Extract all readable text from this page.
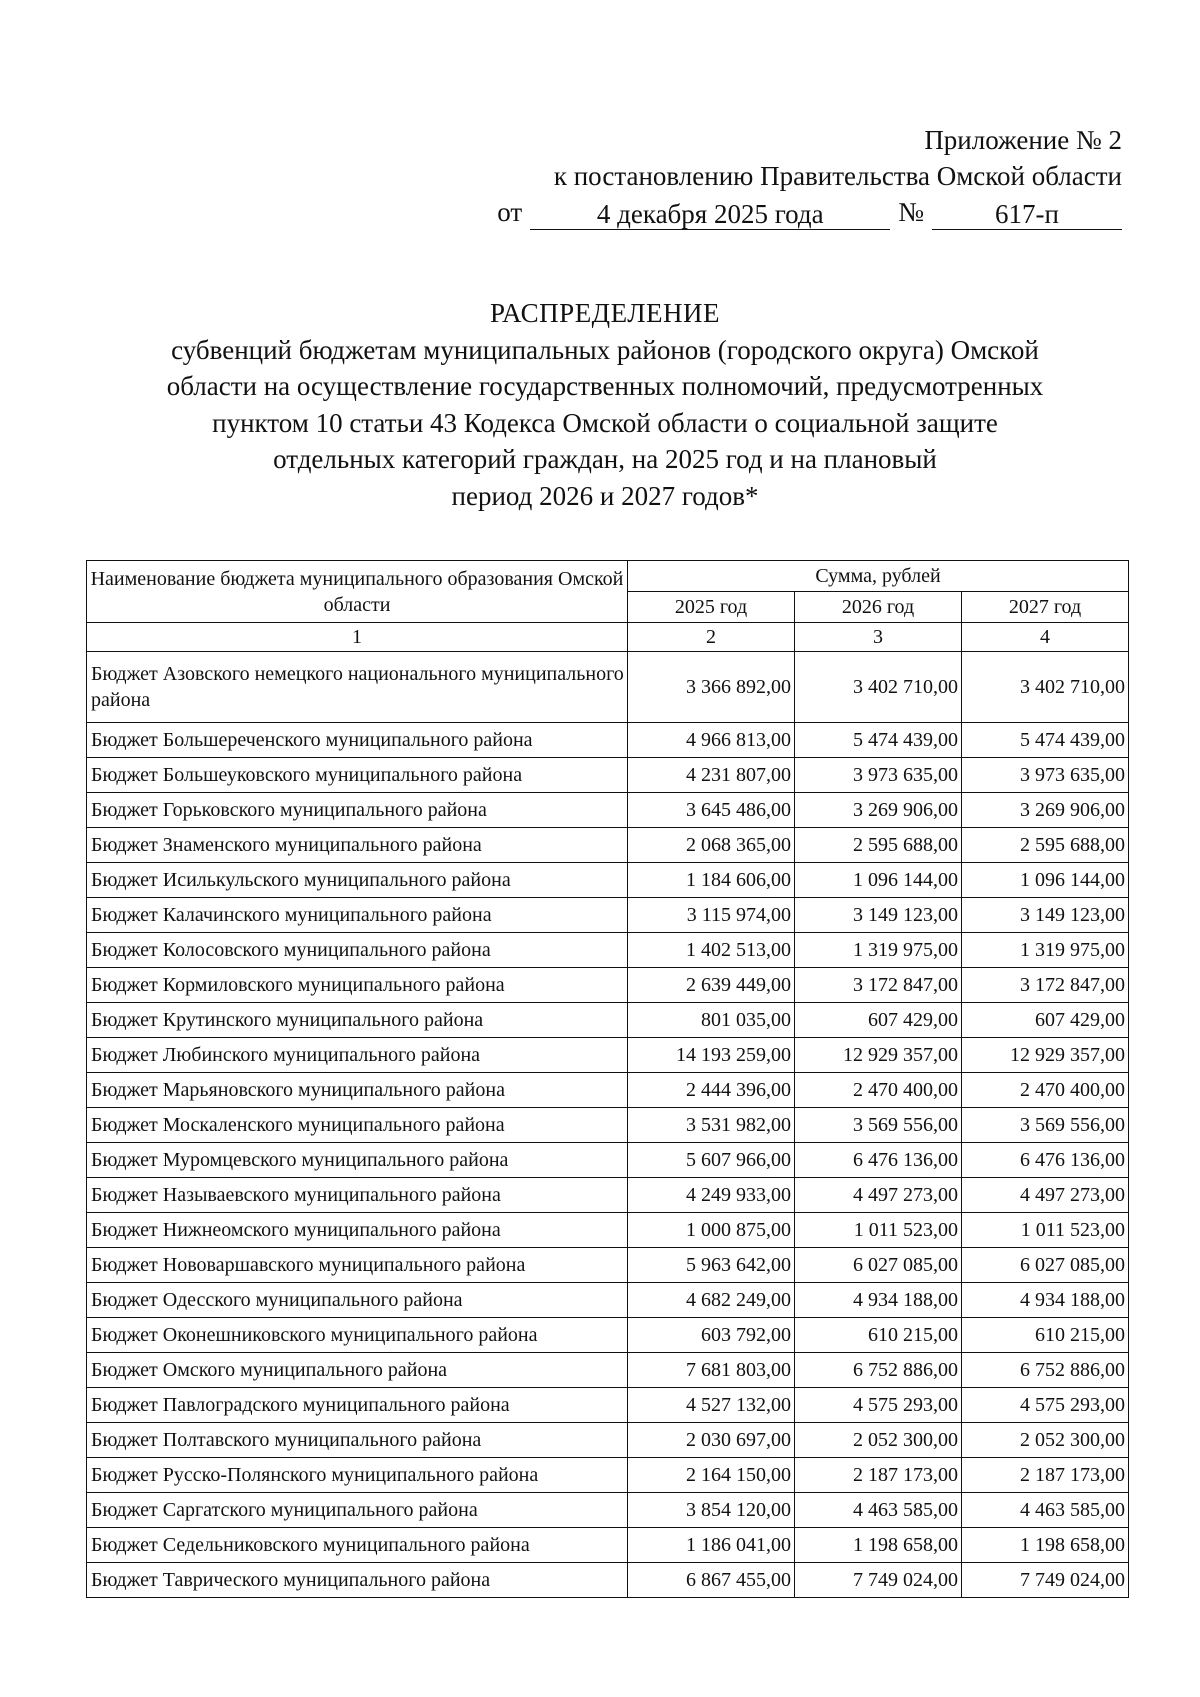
Приложение № 2
к постановлению Правительства Омской области
от	4 декабря 2025 года	№	617-п
РАСПРЕДЕЛЕНИЕ
субвенций бюджетам муниципальных районов (городского округа) Омской
области на осуществление государственных полномочий, предусмотренных
пунктом 10 статьи 43 Кодекса Омской области о социальной защите
отдельных категорий граждан, на 2025 год и на плановый
период 2026 и 2027 годов*
Наименование бюджета муниципального образования Омской области	Сумма, рублей		
	2025 год	2026 год	2027 год
1	2	3	4
Бюджет Азовского немецкого национального муниципального района	3 366 892,00	3 402 710,00	3 402 710,00
Бюджет Большереченского муниципального района	4 966 813,00	5 474 439,00	5 474 439,00
Бюджет Большеуковского муниципального района	4 231 807,00	3 973 635,00	3 973 635,00
Бюджет Горьковского муниципального района	3 645 486,00	3 269 906,00	3 269 906,00
Бюджет Знаменского муниципального района	2 068 365,00	2 595 688,00	2 595 688,00
Бюджет Исилькульского муниципального района	1 184 606,00	1 096 144,00	1 096 144,00
Бюджет Калачинского муниципального района	3 115 974,00	3 149 123,00	3 149 123,00
Бюджет Колосовского муниципального района	1 402 513,00	1 319 975,00	1 319 975,00
Бюджет Кормиловского муниципального района	2 639 449,00	3 172 847,00	3 172 847,00
Бюджет Крутинского муниципального района	801 035,00	607 429,00	607 429,00
Бюджет Любинского муниципального района	14 193 259,00	12 929 357,00	12 929 357,00
Бюджет Марьяновского муниципального района	2 444 396,00	2 470 400,00	2 470 400,00
Бюджет Москаленского муниципального района	3 531 982,00	3 569 556,00	3 569 556,00
Бюджет Муромцевского муниципального района	5 607 966,00	6 476 136,00	6 476 136,00
Бюджет Называевского муниципального района	4 249 933,00	4 497 273,00	4 497 273,00
Бюджет Нижнеомского муниципального района	1 000 875,00	1 011 523,00	1 011 523,00
Бюджет Нововаршавского муниципального района	5 963 642,00	6 027 085,00	6 027 085,00
Бюджет Одесского муниципального района	4 682 249,00	4 934 188,00	4 934 188,00
Бюджет Оконешниковского муниципального района	603 792,00	610 215,00	610 215,00
Бюджет Омского муниципального района	7 681 803,00	6 752 886,00	6 752 886,00
Бюджет Павлоградского муниципального района	4 527 132,00	4 575 293,00	4 575 293,00
Бюджет Полтавского муниципального района	2 030 697,00	2 052 300,00	2 052 300,00
Бюджет Русско-Полянского муниципального района	2 164 150,00	2 187 173,00	2 187 173,00
Бюджет Саргатского муниципального района	3 854 120,00	4 463 585,00	4 463 585,00
Бюджет Седельниковского муниципального района	1 186 041,00	1 198 658,00	1 198 658,00
Бюджет Таврического муниципального района	6 867 455,00	7 749 024,00	7 749 024,00
